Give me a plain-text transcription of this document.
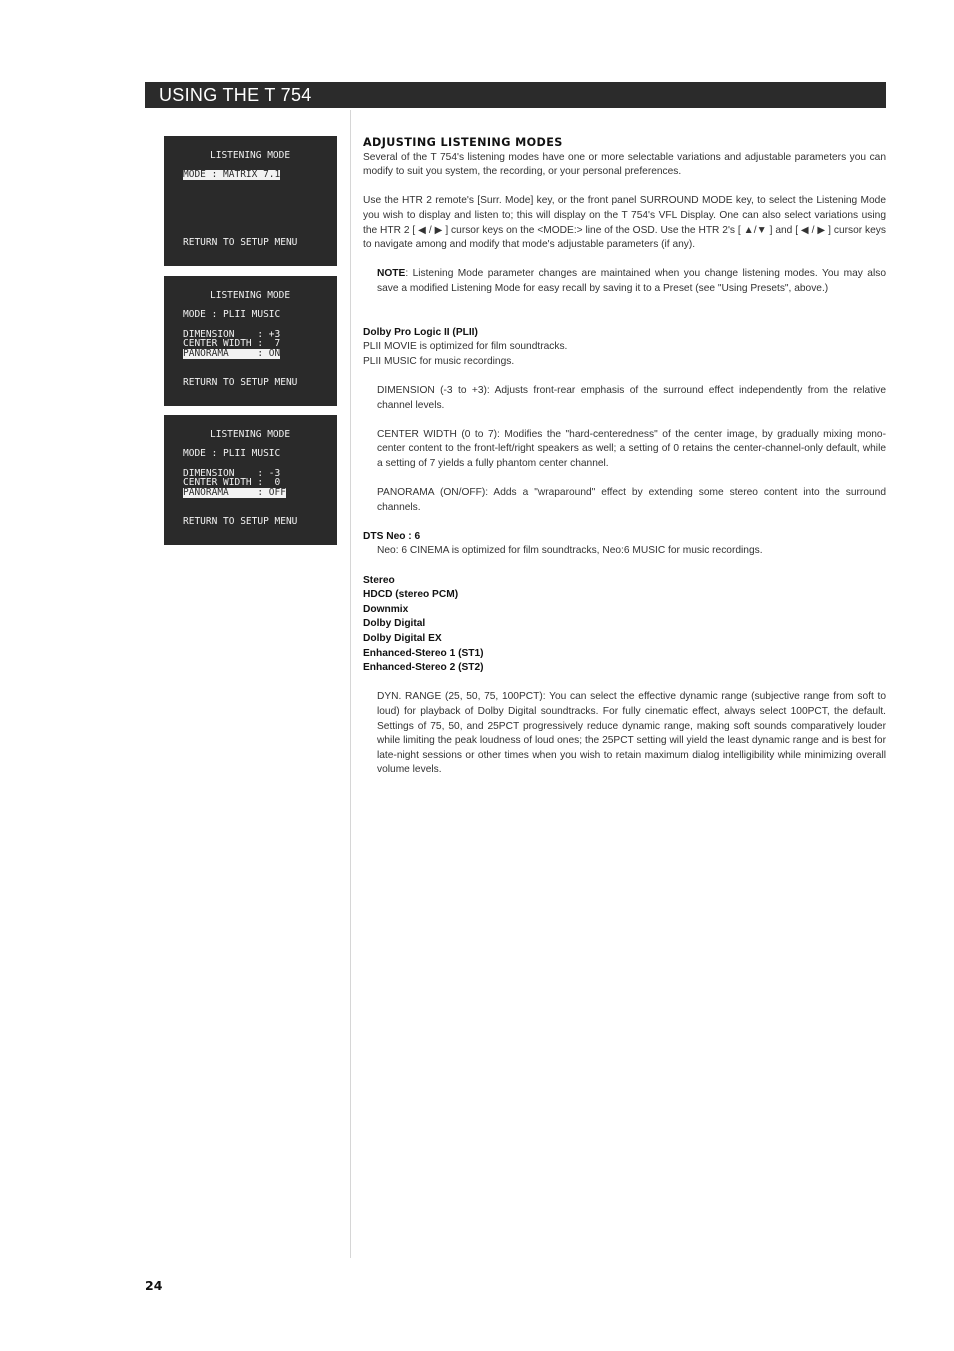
USING THE T 754
LISTENING MODE
MODE : MATRIX 7.1
RETURN TO SETUP MENU
LISTENING MODE
MODE : PLII MUSIC
DIMENSION    : +3
CENTER WIDTH :  7
PANORAMA     : ON
RETURN TO SETUP MENU
LISTENING MODE
MODE : PLII MUSIC
DIMENSION    : -3
CENTER WIDTH :  0
PANORAMA     : OFF
RETURN TO SETUP MENU
ADJUSTING LISTENING MODES

Several of the T 754's listening modes have one or more selectable variations and adjustable parameters you can modify to suit you system, the recording, or your personal preferences.

Use the HTR 2 remote's [Surr. Mode] key, or the front panel SURROUND MODE key, to select the Listening Mode you wish to display and listen to; this will display on the T 754's VFL Display. One can also select variations using the HTR 2 [ ◀ / ▶ ] cursor keys on the <MODE:> line of the OSD. Use the HTR 2's [ ▲/▼ ] and [ ◀ / ▶ ] cursor keys to navigate among and modify that mode's adjustable parameters (if any).

NOTE: Listening Mode parameter changes are maintained when you change listening modes. You may also save a modified Listening Mode for easy recall by saving it to a Preset (see "Using Presets", above.)

Dolby Pro Logic II (PLII)
PLII MOVIE is optimized for film soundtracks.
PLII MUSIC for music recordings.

DIMENSION (-3 to +3): Adjusts front-rear emphasis of the surround effect independently from the relative channel levels.

CENTER WIDTH (0 to 7): Modifies the "hard-centeredness" of the center image, by gradually mixing mono-center content to the front-left/right speakers as well; a setting of 0 retains the center-channel-only default, while a setting of 7 yields a fully phantom center channel.

PANORAMA (ON/OFF): Adds a "wraparound" effect by extending some stereo content into the surround channels.

DTS Neo : 6
Neo: 6 CINEMA is optimized for film soundtracks, Neo:6 MUSIC for music recordings.
Stereo
HDCD (stereo PCM)
Downmix
Dolby Digital
Dolby Digital EX
Enhanced-Stereo 1 (ST1)
Enhanced-Stereo 2 (ST2)

DYN. RANGE (25, 50, 75, 100PCT): You can select the effective dynamic range (subjective range from soft to loud) for playback of Dolby Digital soundtracks. For fully cinematic effect, always select 100PCT, the default. Settings of 75, 50, and 25PCT progressively reduce dynamic range, making soft sounds comparatively louder while limiting the peak loudness of loud ones; the 25PCT setting will yield the least dynamic range and is best for late-night sessions or other times when you wish to retain maximum dialog intelligibility while minimizing overall volume levels.

24
